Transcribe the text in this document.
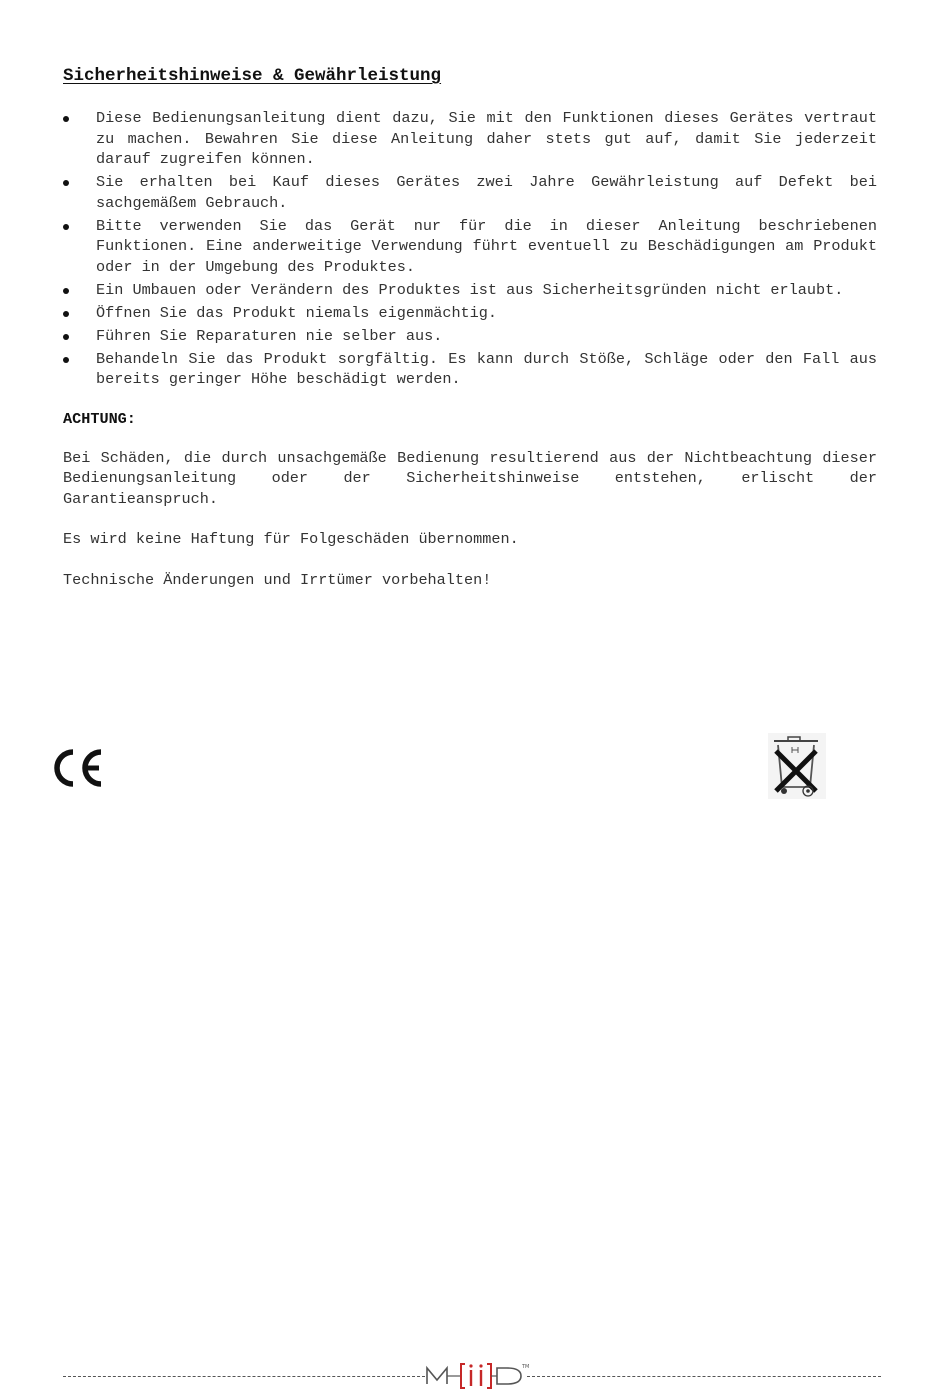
Sicherheitshinweise & Gewährleistung
Diese Bedienungsanleitung dient dazu, Sie mit den Funktionen dieses Gerätes vertraut zu machen. Bewahren Sie diese Anleitung daher stets gut auf, damit Sie jederzeit darauf zugreifen können.
Sie erhalten bei Kauf dieses Gerätes zwei Jahre Gewährleistung auf Defekt bei sachgemäßem Gebrauch.
Bitte verwenden Sie das Gerät nur für die in dieser Anleitung beschriebenen Funktionen. Eine anderweitige Verwendung führt eventuell zu Beschädigungen am Produkt oder in der Umgebung des Produktes.
Ein Umbauen oder Verändern des Produktes ist aus Sicherheitsgründen nicht erlaubt.
Öffnen Sie das Produkt niemals eigenmächtig.
Führen Sie Reparaturen nie selber aus.
Behandeln Sie das Produkt sorgfältig. Es kann durch Stöße, Schläge oder den Fall aus bereits geringer Höhe beschädigt werden.
ACHTUNG:
Bei Schäden, die durch unsachgemäße Bedienung resultierend aus der Nichtbeachtung dieser Bedienungsanleitung oder der Sicherheitshinweise entstehen, erlischt der Garantieanspruch.
Es wird keine Haftung für Folgeschäden übernommen.
Technische Änderungen und Irrtümer vorbehalten!
TM
